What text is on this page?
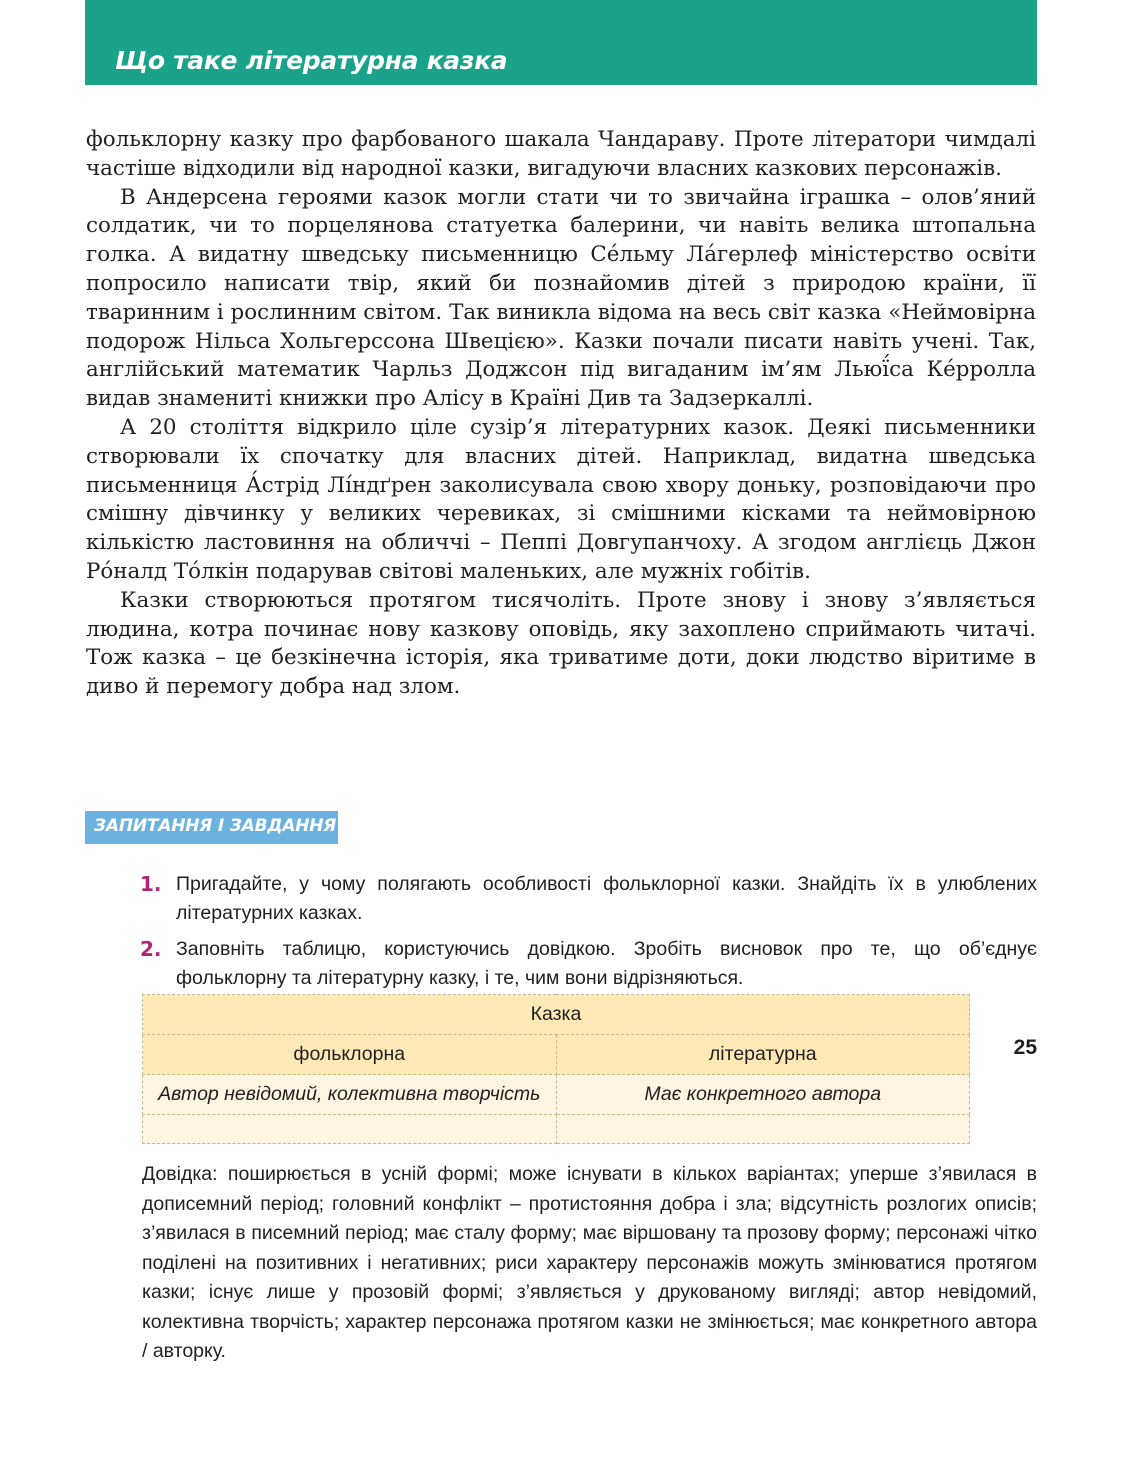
Що таке літературна казка

фольклорну казку про фарбованого шакала Чандараву. Проте літератори чимдалі частіше відходили від народної казки, вигадуючи власних казкових персонажів.

В Андерсена героями казок могли стати чи то звичайна іграшка – олов’яний солдатик, чи то порцелянова статуетка балерини, чи навіть велика штопальна голка. А видатну шведську письменницю Се́льму Ла́герлеф міністерство освіти попросило написати твір, який би познайомив дітей з природою країни, її тваринним і рослинним світом. Так виникла відома на весь світ казка «Неймовірна подорож Нільса Хольгерссона Швецією». Казки почали писати навіть учені. Так, англійський математик Чарльз Доджсон під вигаданим ім’ям Льюї́са Ке́рролла видав знамениті книжки про Алісу в Країні Див та Задзеркаллі.

А 20 століття відкрило ціле сузір’я літературних казок. Деякі письменники створювали їх спочатку для власних дітей. Наприклад, видатна шведська письменниця А́стрід Лі́ндґрен заколисувала свою хвору доньку, розповідаючи про смішну дівчинку у великих черевиках, зі смішними кісками та неймовірною кількістю ластовиння на обличчі – Пеппі Довгупанчоху. А згодом англієць Джон Ро́налд То́лкін подарував світові маленьких, але мужніх гобітів.

Казки створюються протягом тисячоліть. Проте знову і знову з’являється людина, котра починає нову казкову оповідь, яку захоплено сприймають читачі. Тож казка – це безкінечна історія, яка триватиме доти, доки людство віритиме в диво й перемогу добра над злом.

ЗАПИТАННЯ І ЗАВДАННЯ
1. Пригадайте, у чому полягають особливості фольклорної казки. Знайдіть їх в улюблених літературних казках.
2. Заповніть таблицю, користуючись довідкою. Зробіть висновок про те, що об’єднує фольклорну та літературну казку, і те, чим вони відрізняються.
Казка	
фольклорна	літературна
Автор невідомий, колективна творчість	Має конкретного автора

Довідка: поширюється в усній формі; може існувати в кількох варіантах; уперше з’явилася в дописемний період; головний конфлікт – протистояння добра і зла; відсутність розлогих описів; з’явилася в писемний період; має сталу форму; має віршовану та прозову форму; персонажі чітко поділені на позитивних і негативних; риси характеру персонажів можуть змінюватися протягом казки; існує лише у прозовій формі; з’являється у друкованому вигляді; автор невідомий, колективна творчість; характер персонажа протягом казки не змінюється; має конкретного автора / авторку.

25
